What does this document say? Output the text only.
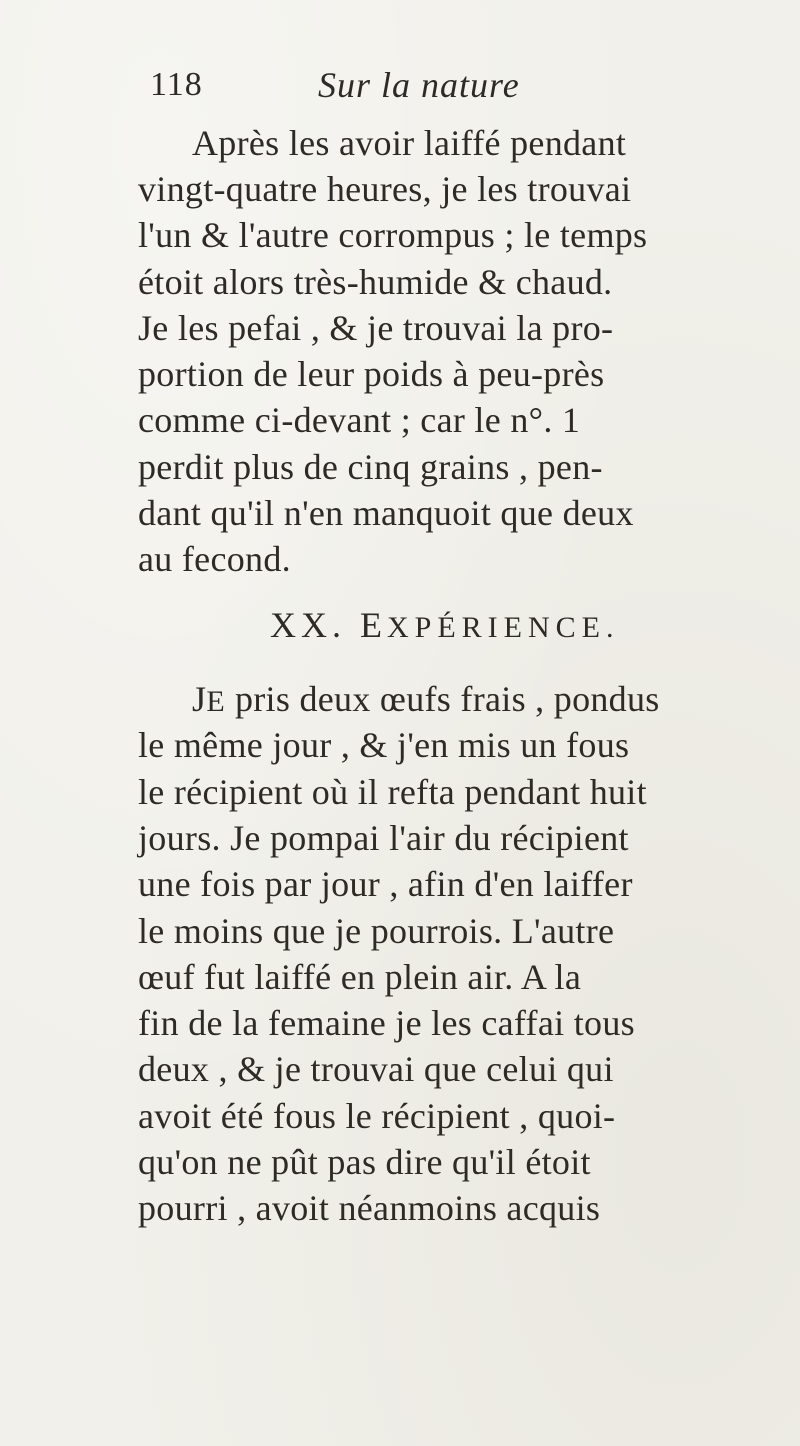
118	Sur la nature
Après les avoir laiffé pendant
vingt-quatre heures, je les trouvai
l'un & l'autre corrompus ; le temps
étoit alors très-humide & chaud.
Je les pefai , & je trouvai la pro-
portion de leur poids à peu-près
comme ci-devant ; car le n°. 1
perdit plus de cinq grains , pen-
dant qu'il n'en manquoit que deux
au fecond.
XX. EXPÉRIENCE.
JE pris deux œufs frais , pondus
le même jour , & j'en mis un fous
le récipient où il refta pendant huit
jours. Je pompai l'air du récipient
une fois par jour , afin d'en laiffer
le moins que je pourrois. L'autre
œuf fut laiffé en plein air. A la
fin de la femaine je les caffai tous
deux , & je trouvai que celui qui
avoit été fous le récipient , quoi-
qu'on ne pût pas dire qu'il étoit
pourri , avoit néanmoins acquis
